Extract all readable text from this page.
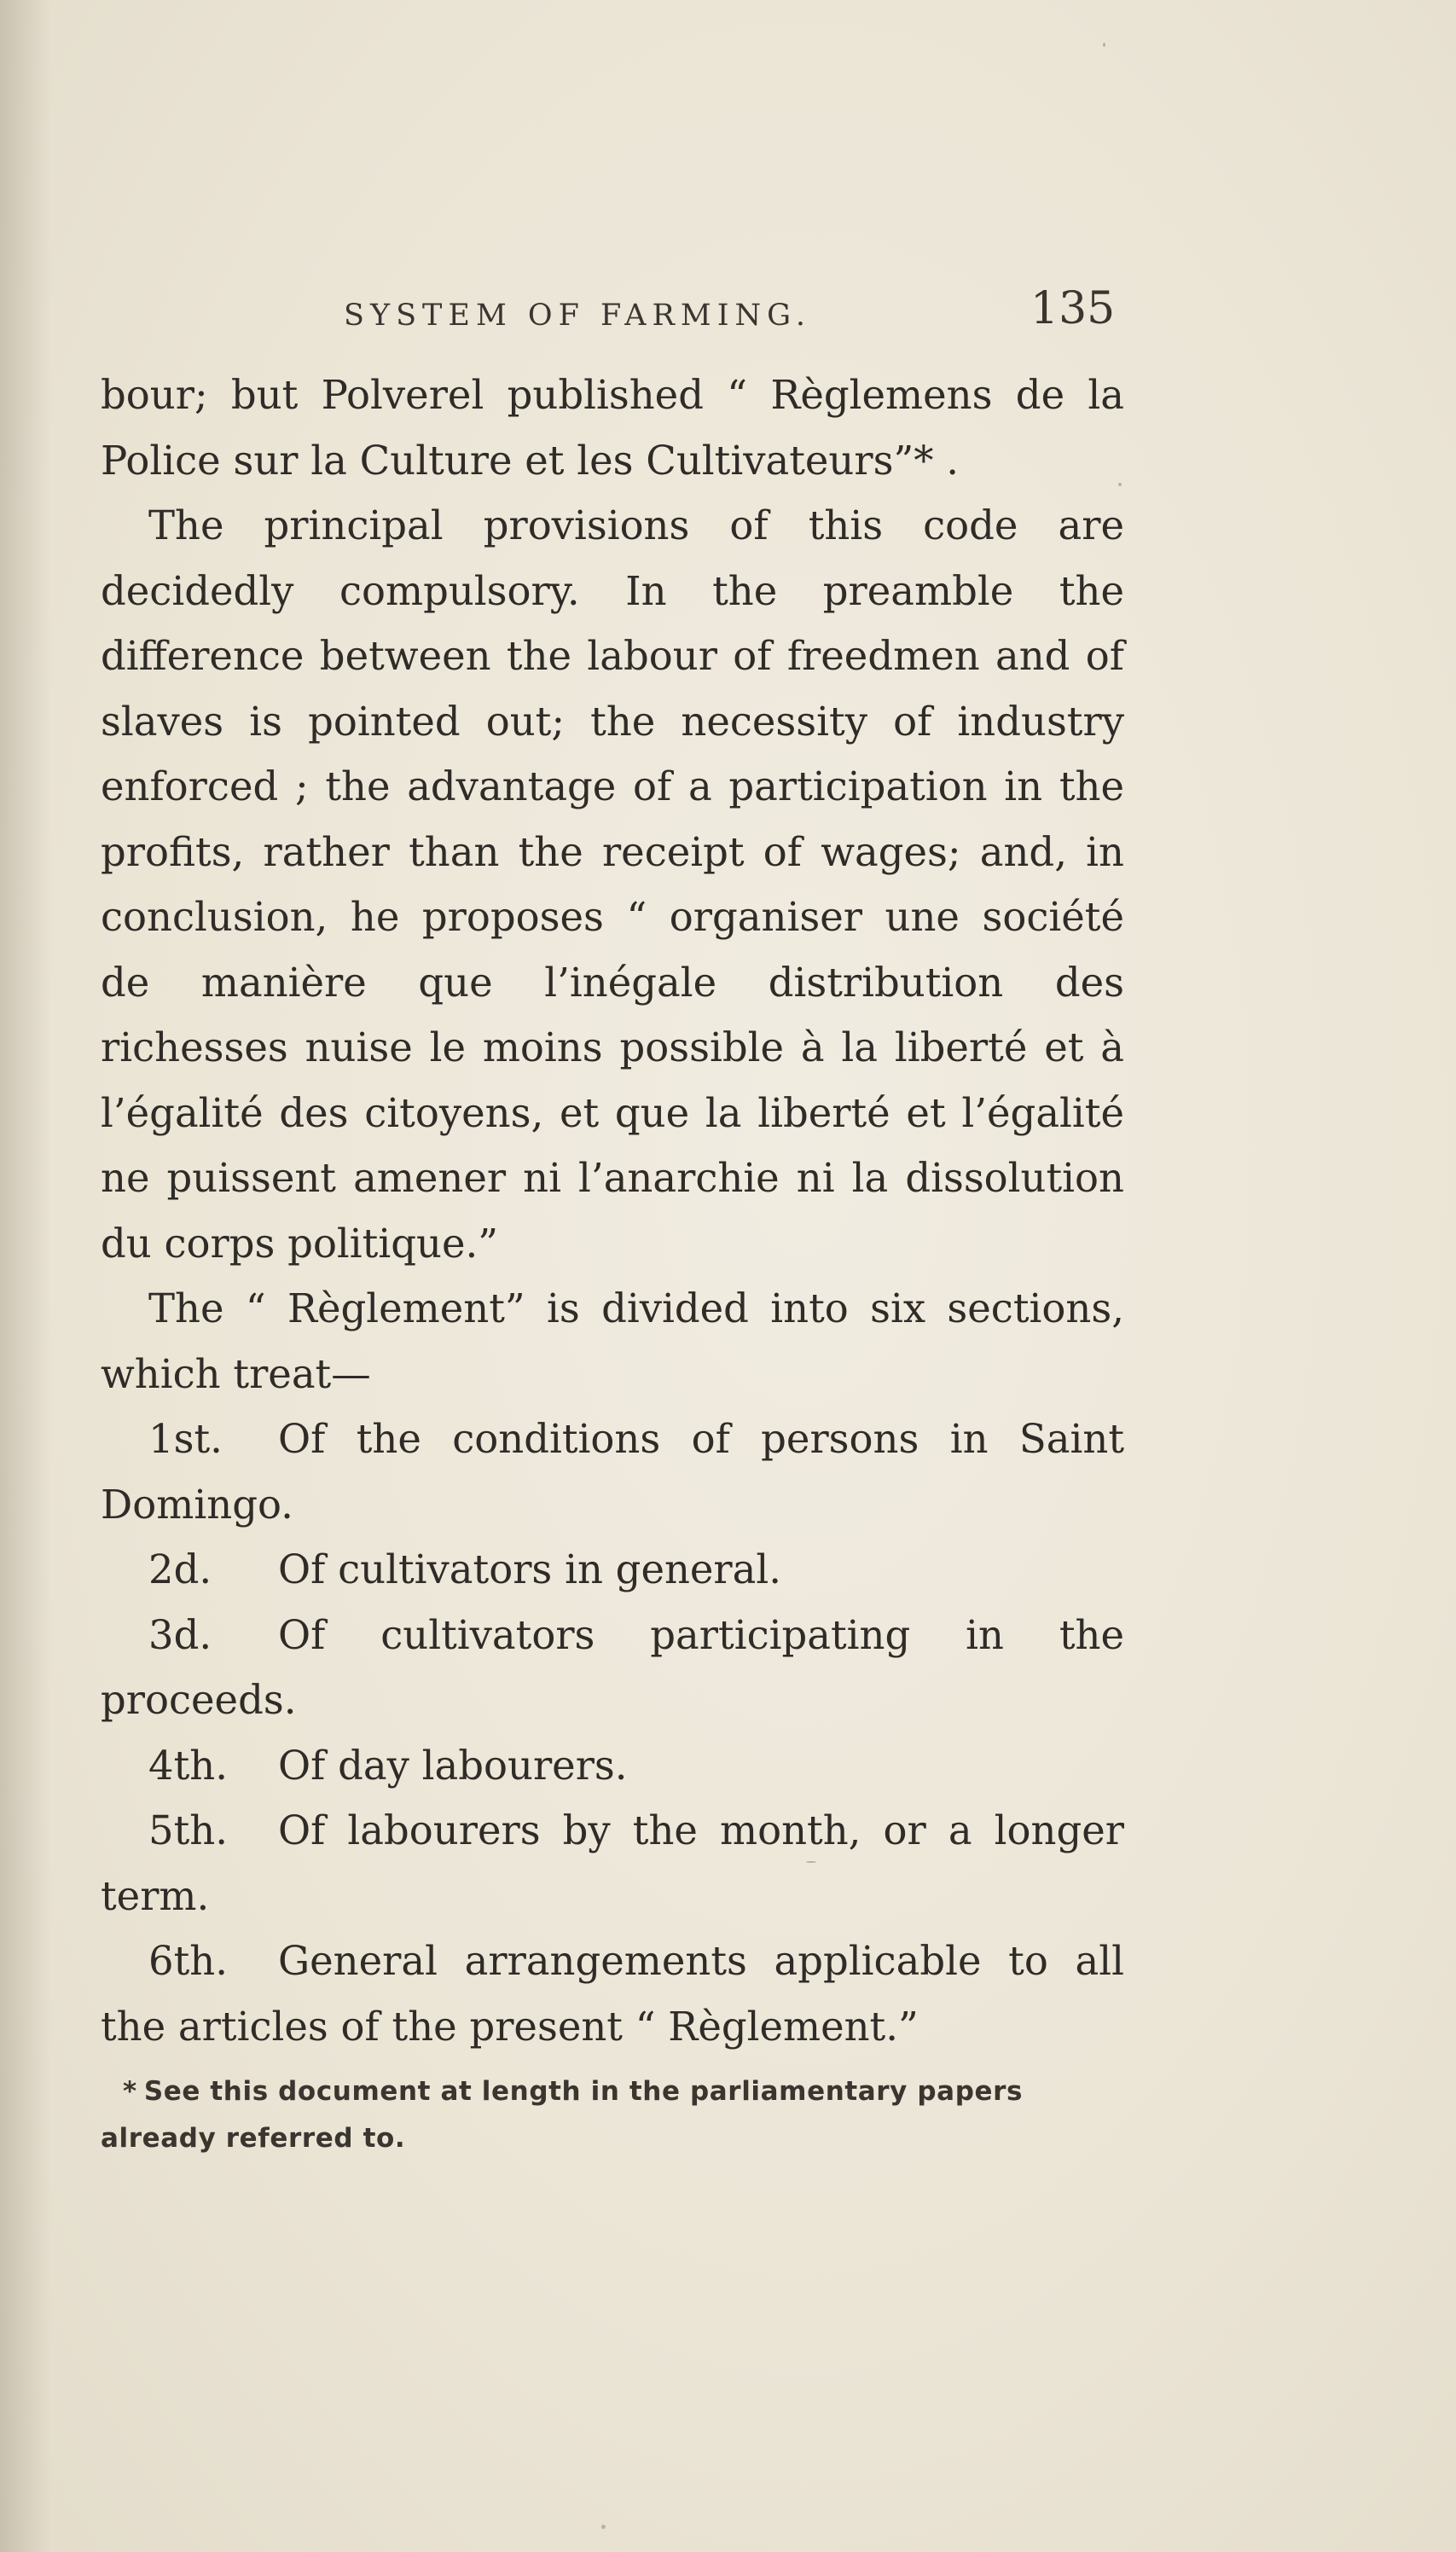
SYSTEM OF FARMING.	135

bour; but Polverel published “ Règlemens de la Police sur la Culture et les Cultivateurs”* .

The principal provisions of this code are decidedly compulsory. In the preamble the difference between the labour of freedmen and of slaves is pointed out; the necessity of industry enforced ; the advantage of a participation in the profits, rather than the receipt of wages; and, in conclusion, he proposes “ organiser une société de manière que l’inégale distribution des richesses nuise le moins possible à la liberté et à l’égalité des citoyens, et que la liberté et l’égalité ne puissent amener ni l’anarchie ni la dissolution du corps politique.”

The “ Règlement” is divided into six sections, which treat—

1st. Of the conditions of persons in Saint Domingo.

2d. Of cultivators in general.

3d. Of cultivators participating in the proceeds.

4th. Of day labourers.

5th. Of labourers by the month, or a longer term.

6th. General arrangements applicable to all the articles of the present “ Règlement.”

* See this document at length in the parliamentary papers already referred to.
